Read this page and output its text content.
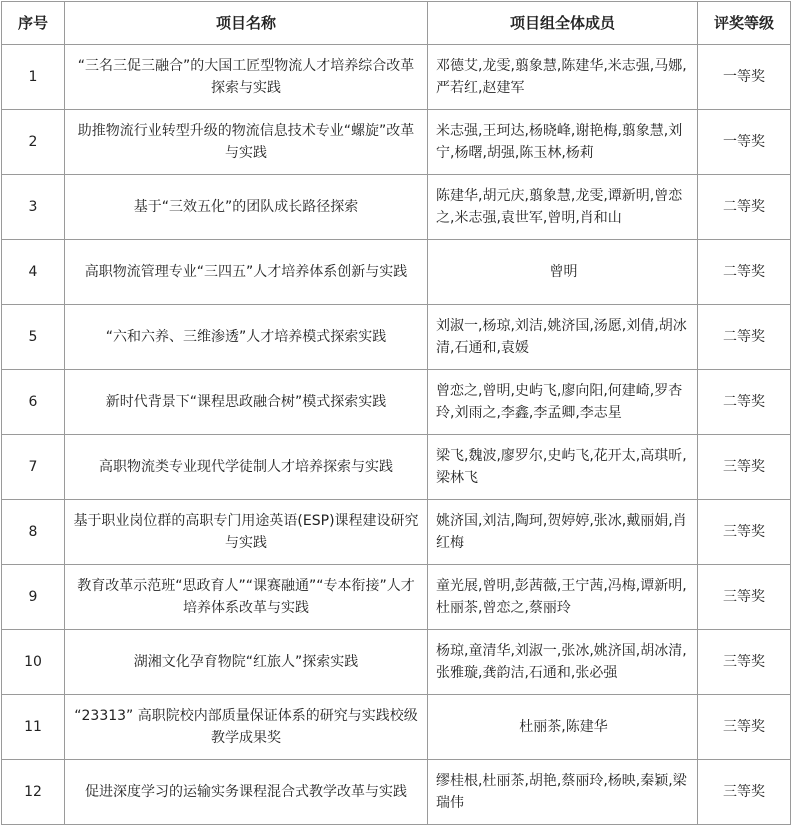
序号	项目名称	项目组全体成员	评奖等级
1	“三名三促三融合”的大国工匠型物流人才培养综合改革探索与实践	邓德艾,龙雯,翦象慧,陈建华,米志强,马娜,严若红,赵建军	一等奖
2	助推物流行业转型升级的物流信息技术专业“螺旋”改革与实践	米志强,王珂达,杨晓峰,谢艳梅,翦象慧,刘宁,杨曙,胡强,陈玉林,杨莉	一等奖
3	基于“三效五化”的团队成长路径探索	陈建华,胡元庆,翦象慧,龙雯,谭新明,曾恋之,米志强,袁世军,曾明,肖和山	二等奖
4	高职物流管理专业“三四五”人才培养体系创新与实践	曾明	二等奖
5	“六和六养、三维渗透”人才培养模式探索实践	刘淑一,杨琼,刘洁,姚济国,汤愿,刘倩,胡冰清,石通和,袁媛	二等奖
6	新时代背景下“课程思政融合树”模式探索实践	曾恋之,曾明,史屿飞,廖向阳,何建崎,罗杏玲,刘雨之,李鑫,李孟卿,李志星	二等奖
7	高职物流类专业现代学徒制人才培养探索与实践	梁飞,魏波,廖罗尔,史屿飞,花开太,高琪昕,梁林飞	三等奖
8	基于职业岗位群的高职专门用途英语(ESP)课程建设研究与实践	姚济国,刘洁,陶珂,贺婷婷,张冰,戴丽娟,肖红梅	三等奖
9	教育改革示范班“思政育人”“课赛融通”“专本衔接”人才培养体系改革与实践	童光展,曾明,彭茜薇,王宁茜,冯梅,谭新明,杜丽茶,曾恋之,蔡丽玲	三等奖
10	湖湘文化孕育物院“红旅人”探索实践	杨琼,童清华,刘淑一,张冰,姚济国,胡冰清,张雅璇,龚韵洁,石通和,张必强	三等奖
11	“23313” 高职院校内部质量保证体系的研究与实践校级教学成果奖	杜丽茶,陈建华	三等奖
12	促进深度学习的运输实务课程混合式教学改革与实践	缪桂根,杜丽茶,胡艳,蔡丽玲,杨映,秦颖,梁瑞伟	三等奖
